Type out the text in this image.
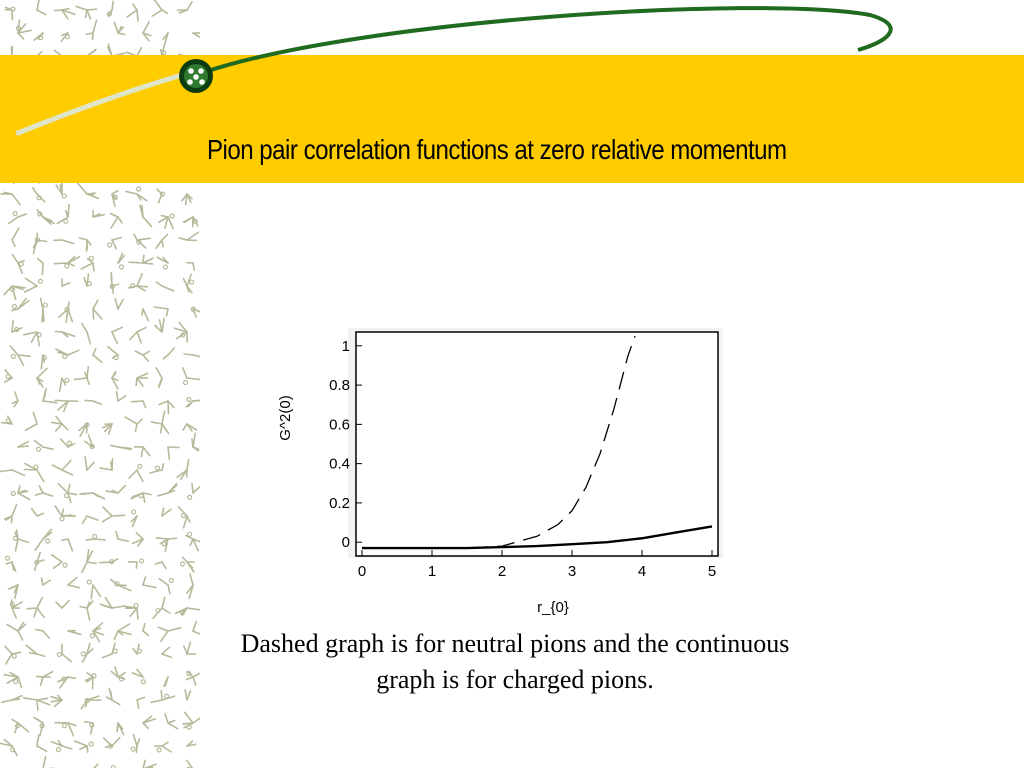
Pion pair correlation functions at zero relative momentum
0
0.2
0.4
0.6
0.8
1
0	1	2	3	4	5
G^2(0)
r_{0}
Dashed graph is for neutral pions and the continuous graph is for charged pions.
